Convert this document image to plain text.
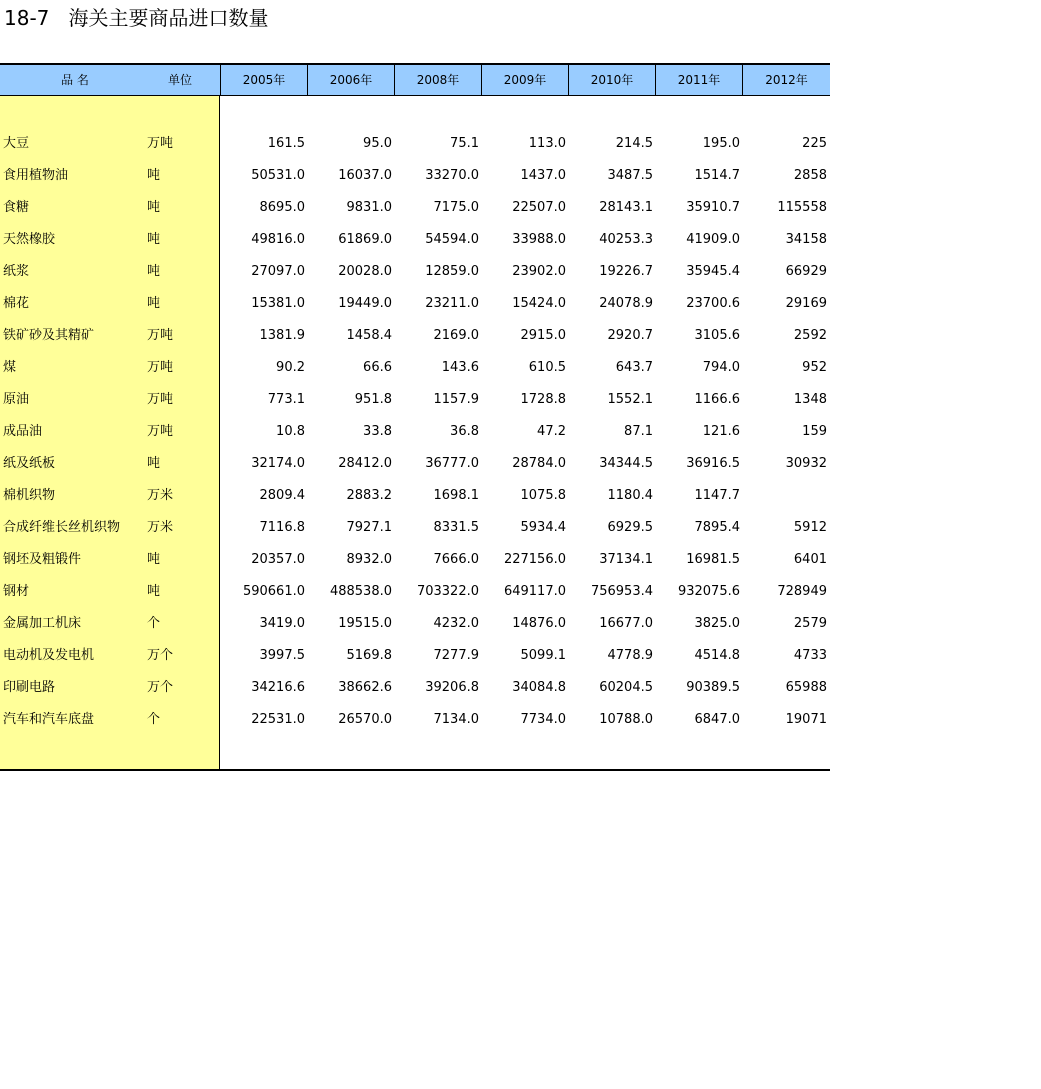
18-7   海关主要商品进口数量
品 名	单位	2005年	2006年	2008年	2009年	2010年	2011年	2012年
大豆	万吨	161.5	95.0	75.1	113.0	214.5	195.0	225
食用植物油	吨	50531.0	16037.0	33270.0	1437.0	3487.5	1514.7	2858
食糖	吨	8695.0	9831.0	7175.0	22507.0	28143.1	35910.7	115558
天然橡胶	吨	49816.0	61869.0	54594.0	33988.0	40253.3	41909.0	34158
纸浆	吨	27097.0	20028.0	12859.0	23902.0	19226.7	35945.4	66929
棉花	吨	15381.0	19449.0	23211.0	15424.0	24078.9	23700.6	29169
铁矿砂及其精矿	万吨	1381.9	1458.4	2169.0	2915.0	2920.7	3105.6	2592
煤	万吨	90.2	66.6	143.6	610.5	643.7	794.0	952
原油	万吨	773.1	951.8	1157.9	1728.8	1552.1	1166.6	1348
成品油	万吨	10.8	33.8	36.8	47.2	87.1	121.6	159
纸及纸板	吨	32174.0	28412.0	36777.0	28784.0	34344.5	36916.5	30932
棉机织物	万米	2809.4	2883.2	1698.1	1075.8	1180.4	1147.7
合成纤维长丝机织物 万米	7116.8	7927.1	8331.5	5934.4	6929.5	7895.4	5912
钢坯及粗锻件	吨	20357.0	8932.0	7666.0	227156.0	37134.1	16981.5	6401
钢材	吨	590661.0	488538.0	703322.0	649117.0	756953.4	932075.6	728949
金属加工机床	个	3419.0	19515.0	4232.0	14876.0	16677.0	3825.0	2579
电动机及发电机	万个	3997.5	5169.8	7277.9	5099.1	4778.9	4514.8	4733
印刷电路	万个	34216.6	38662.6	39206.8	34084.8	60204.5	90389.5	65988
汽车和汽车底盘	个	22531.0	26570.0	7134.0	7734.0	10788.0	6847.0	19071
